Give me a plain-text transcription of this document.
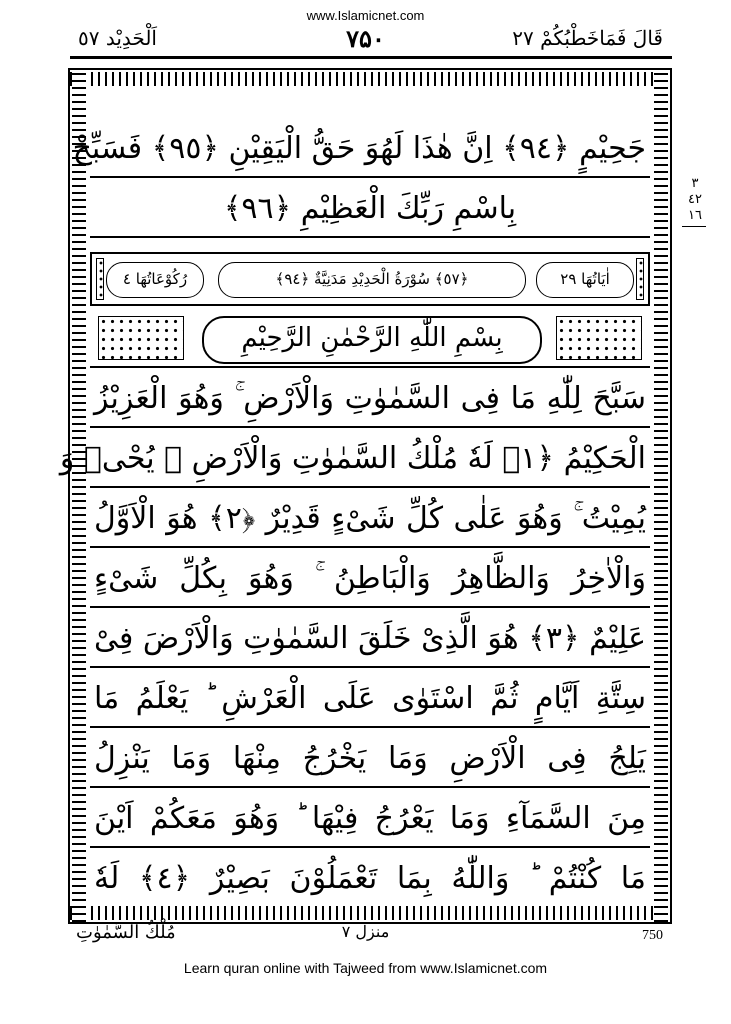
www.Islamicnet.com
قَالَ فَمَاخَطْبُکُمْ ٢٧
٧۵٠
اَلْحَدِيْد ٥٧
جَحِیْمٍ ﴿٩٤﴾ اِنَّ هٰذَا لَهُوَ حَقُّ الْیَقِیْنِ ﴿٩٥﴾ فَسَبِّحْ
بِاسْمِ رَبِّكَ الْعَظِیْمِ ﴿٩٦﴾
اٰيَاتُهَا ٢٩
﴿٥٧﴾ سُوْرَةُ الْحَدِيْدِ مَدَنِيَّةٌ ﴿٩٤﴾
رُكُوْعَاتُهَا ٤
بِسْمِ اللّٰهِ الرَّحْمٰنِ الرَّحِیْمِ
سَبَّحَ لِلّٰهِ مَا فِی السَّمٰوٰتِ وَالْاَرْضِ ۚ وَهُوَ الْعَزِیْزُ
الْحَكِیْمُ ﴿١﴾ لَهٗ مُلْكُ السَّمٰوٰتِ وَالْاَرْضِ ۚ یُحْیٖ وَ
یُمِیْتُ ۚ وَهُوَ عَلٰى كُلِّ شَیْءٍ قَدِیْرٌ ﴿٢﴾ هُوَ الْاَوَّلُ
وَالْاٰخِرُ وَالظَّاهِرُ وَالْبَاطِنُ ۚ وَهُوَ بِكُلِّ شَیْءٍ
عَلِیْمٌ ﴿٣﴾ هُوَ الَّذِیْ خَلَقَ السَّمٰوٰتِ وَالْاَرْضَ فِیْ
سِتَّةِ اَیَّامٍ ثُمَّ اسْتَوٰى عَلَى الْعَرْشِ ؕ یَعْلَمُ مَا
یَلِجُ فِی الْاَرْضِ وَمَا یَخْرُجُ مِنْهَا وَمَا یَنْزِلُ
مِنَ السَّمَآءِ وَمَا یَعْرُجُ فِیْهَا ؕ وَهُوَ مَعَكُمْ اَیْنَ
مَا كُنْتُمْ ؕ وَاللّٰهُ بِمَا تَعْمَلُوْنَ بَصِیْرٌ ﴿٤﴾ لَهٗ
٣
٤٢
١٦
مُلْكُ السَّمٰوٰتِ	منزل ٧	750
Learn quran online with Tajweed from www.Islamicnet.com
